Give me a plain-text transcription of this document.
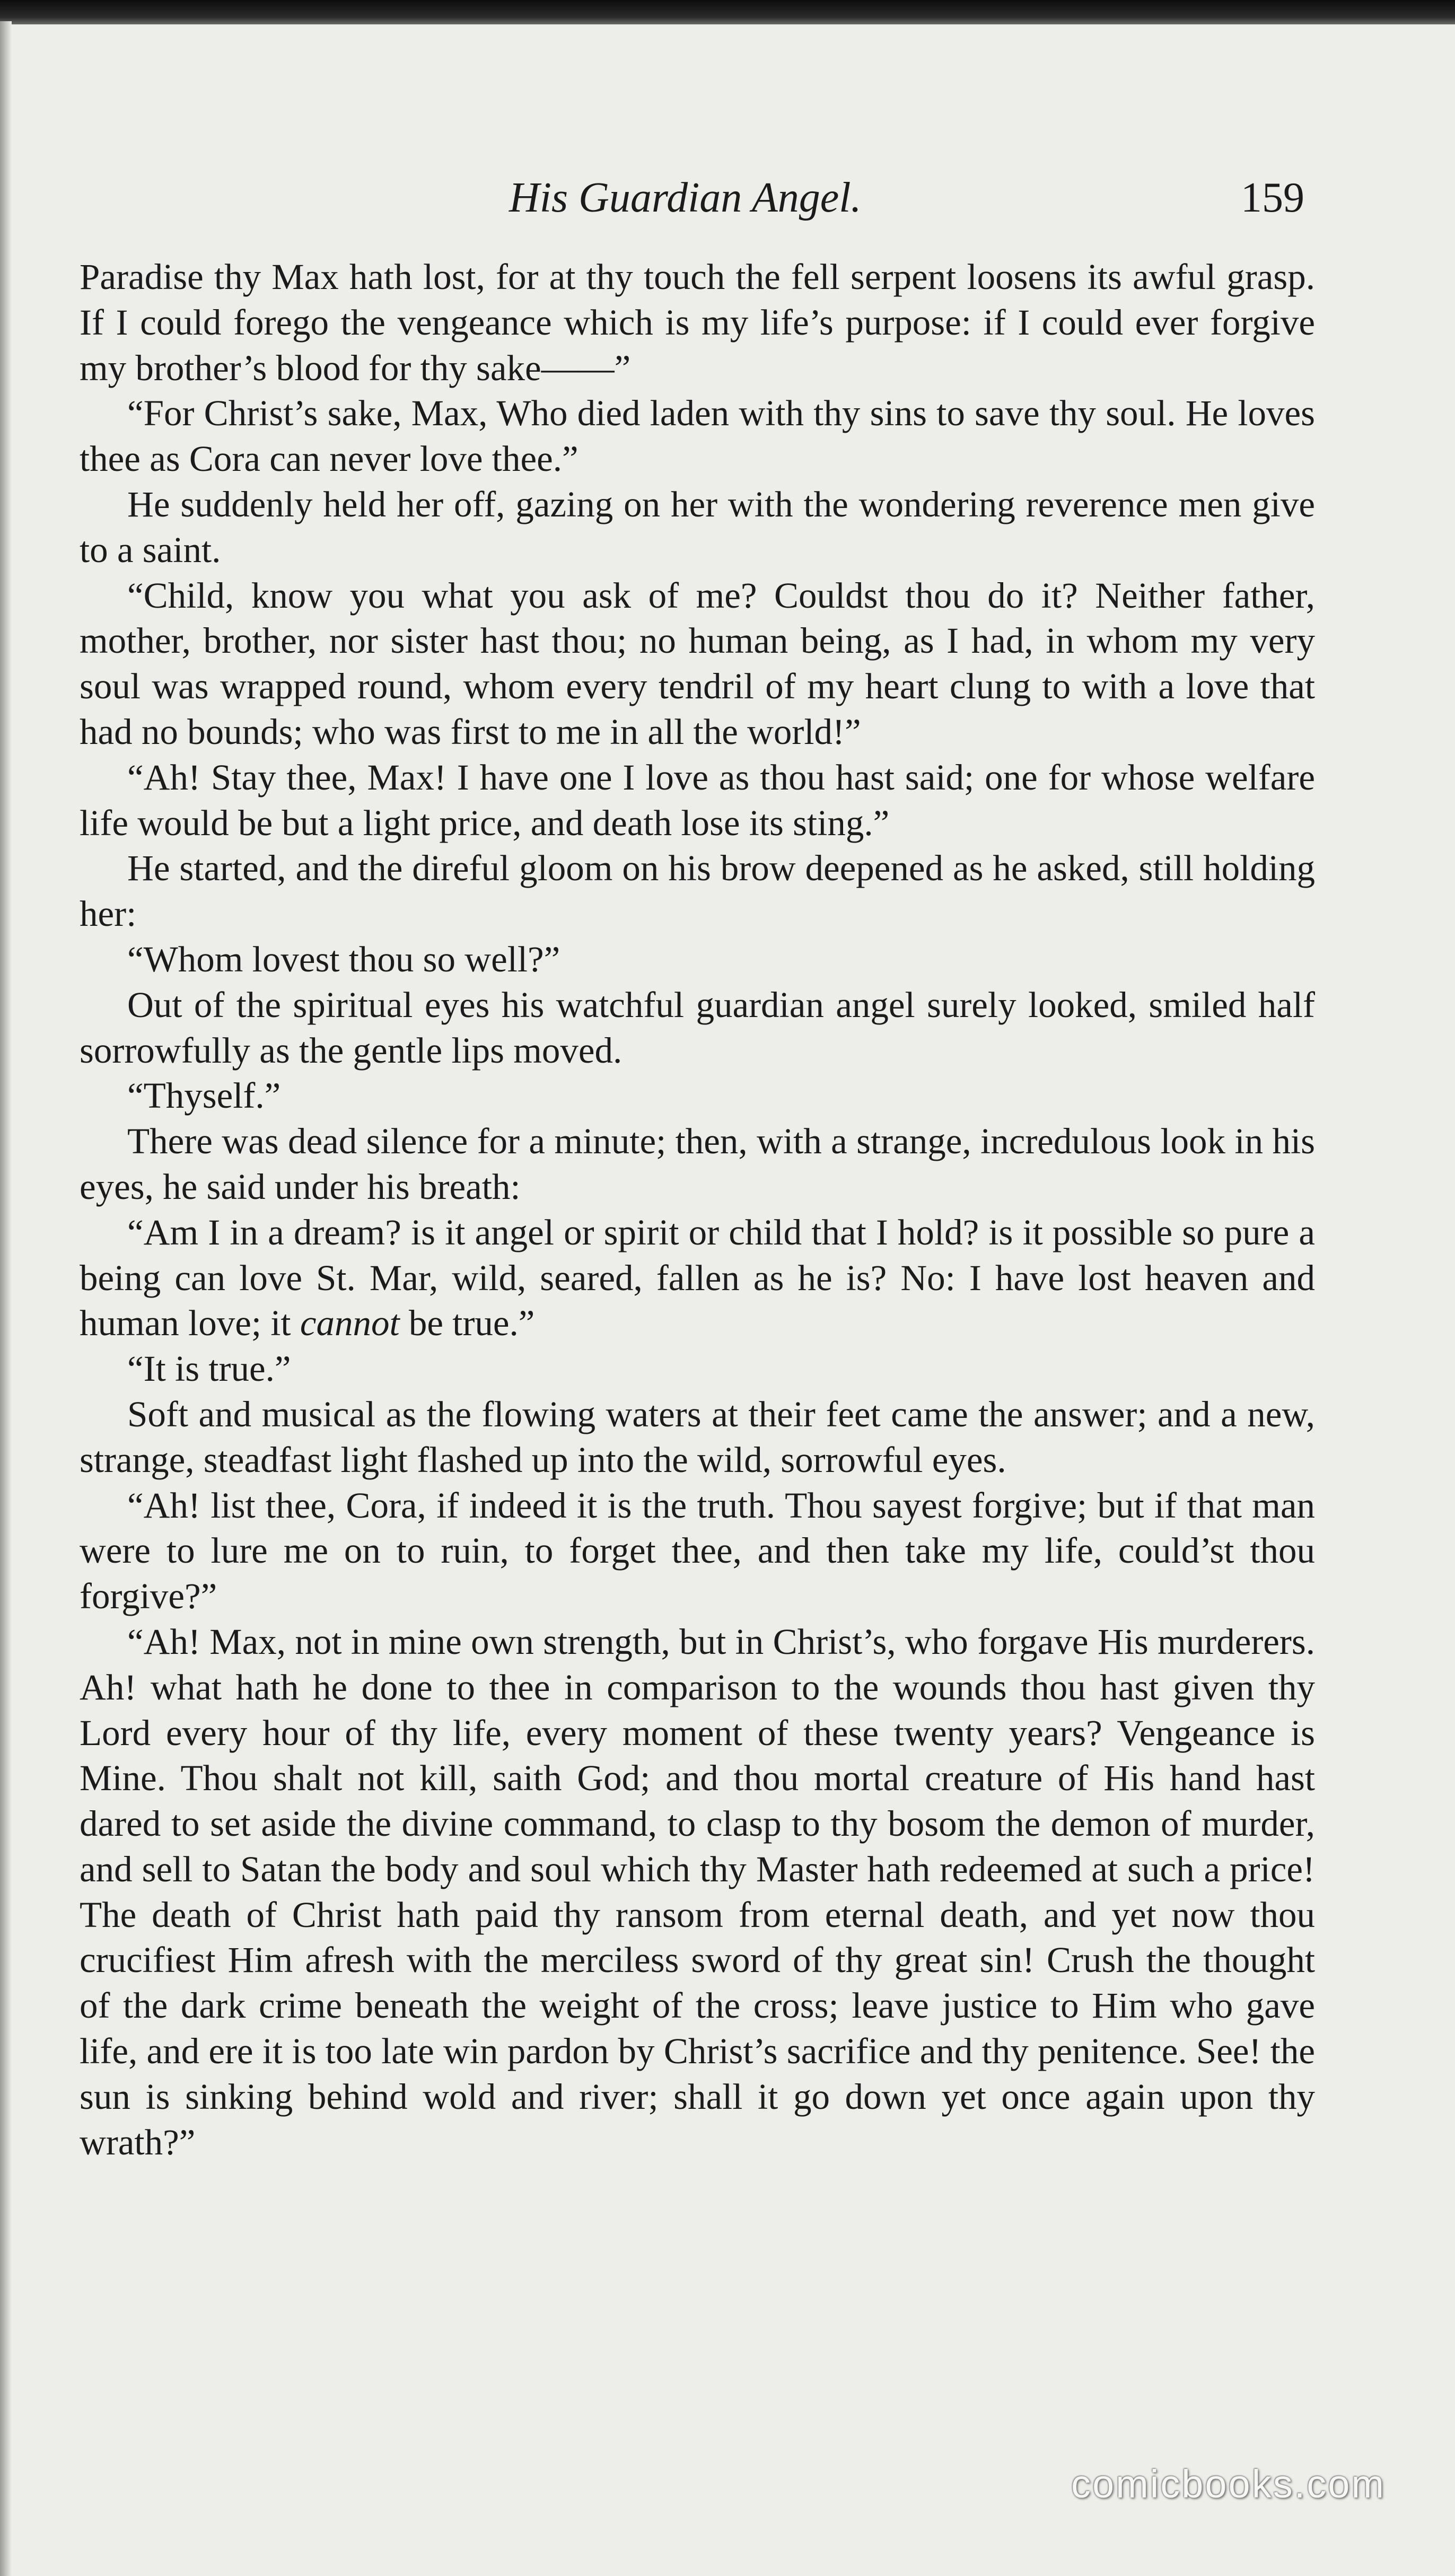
His Guardian Angel.	159

Paradise thy Max hath lost, for at thy touch the fell serpent loosens its awful grasp. If I could forego the vengeance which is my life’s purpose: if I could ever forgive my brother’s blood for thy sake——”

“For Christ’s sake, Max, Who died laden with thy sins to save thy soul. He loves thee as Cora can never love thee.”

He suddenly held her off, gazing on her with the wondering reverence men give to a saint.

“Child, know you what you ask of me? Couldst thou do it? Neither father, mother, brother, nor sister hast thou; no human being, as I had, in whom my very soul was wrapped round, whom every tendril of my heart clung to with a love that had no bounds; who was first to me in all the world!”

“Ah! Stay thee, Max! I have one I love as thou hast said; one for whose welfare life would be but a light price, and death lose its sting.”

He started, and the direful gloom on his brow deepened as he asked, still holding her:

“Whom lovest thou so well?”

Out of the spiritual eyes his watchful guardian angel surely looked, smiled half sorrowfully as the gentle lips moved.

“Thyself.”

There was dead silence for a minute; then, with a strange, incredulous look in his eyes, he said under his breath:

“Am I in a dream? is it angel or spirit or child that I hold? is it possible so pure a being can love St. Mar, wild, seared, fallen as he is? No: I have lost heaven and human love; it cannot be true.”

“It is true.”

Soft and musical as the flowing waters at their feet came the answer; and a new, strange, steadfast light flashed up into the wild, sorrowful eyes.

“Ah! list thee, Cora, if indeed it is the truth. Thou sayest forgive; but if that man were to lure me on to ruin, to forget thee, and then take my life, could’st thou forgive?”

“Ah! Max, not in mine own strength, but in Christ’s, who forgave His murderers. Ah! what hath he done to thee in comparison to the wounds thou hast given thy Lord every hour of thy life, every moment of these twenty years? Vengeance is Mine. Thou shalt not kill, saith God; and thou mortal creature of His hand hast dared to set aside the divine command, to clasp to thy bosom the demon of murder, and sell to Satan the body and soul which thy Master hath redeemed at such a price! The death of Christ hath paid thy ransom from eternal death, and yet now thou crucifiest Him afresh with the merciless sword of thy great sin! Crush the thought of the dark crime beneath the weight of the cross; leave justice to Him who gave life, and ere it is too late win pardon by Christ’s sacrifice and thy penitence. See! the sun is sinking behind wold and river; shall it go down yet once again upon thy wrath?”

comicbooks.com
